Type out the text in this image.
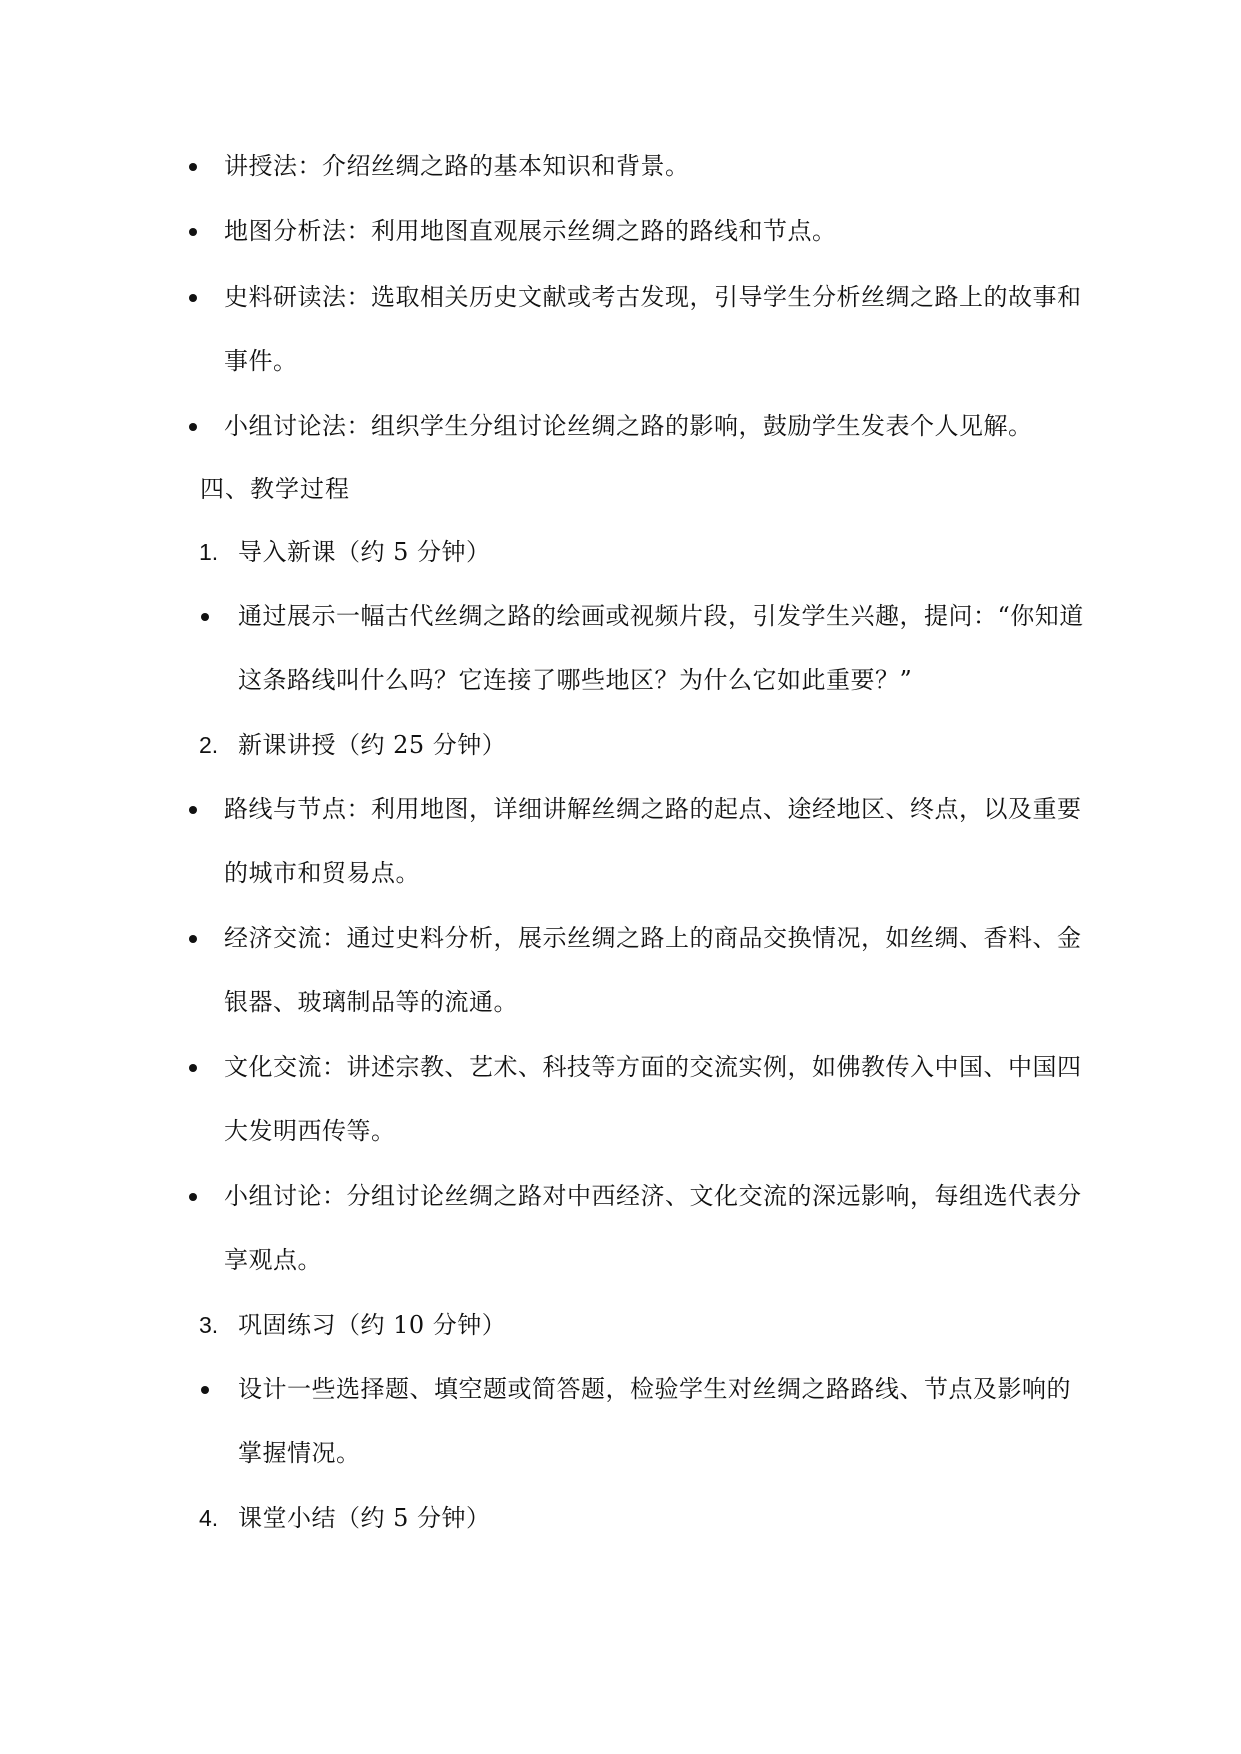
讲授法：介绍丝绸之路的基本知识和背景。
地图分析法：利用地图直观展示丝绸之路的路线和节点。
史料研读法：选取相关历史文献或考古发现，引导学生分析丝绸之路上的故事和
事件。
小组讨论法：组织学生分组讨论丝绸之路的影响，鼓励学生发表个人见解。
四、教学过程
1. 导入新课（约 5 分钟）
通过展示一幅古代丝绸之路的绘画或视频片段，引发学生兴趣，提问：“你知道
这条路线叫什么吗？它连接了哪些地区？为什么它如此重要？”
2. 新课讲授（约 25 分钟）
路线与节点：利用地图，详细讲解丝绸之路的起点、途经地区、终点，以及重要
的城市和贸易点。
经济交流：通过史料分析，展示丝绸之路上的商品交换情况，如丝绸、香料、金
银器、玻璃制品等的流通。
文化交流：讲述宗教、艺术、科技等方面的交流实例，如佛教传入中国、中国四
大发明西传等。
小组讨论：分组讨论丝绸之路对中西经济、文化交流的深远影响，每组选代表分
享观点。
3. 巩固练习（约 10 分钟）
设计一些选择题、填空题或简答题，检验学生对丝绸之路路线、节点及影响的
掌握情况。
4. 课堂小结（约 5 分钟）
